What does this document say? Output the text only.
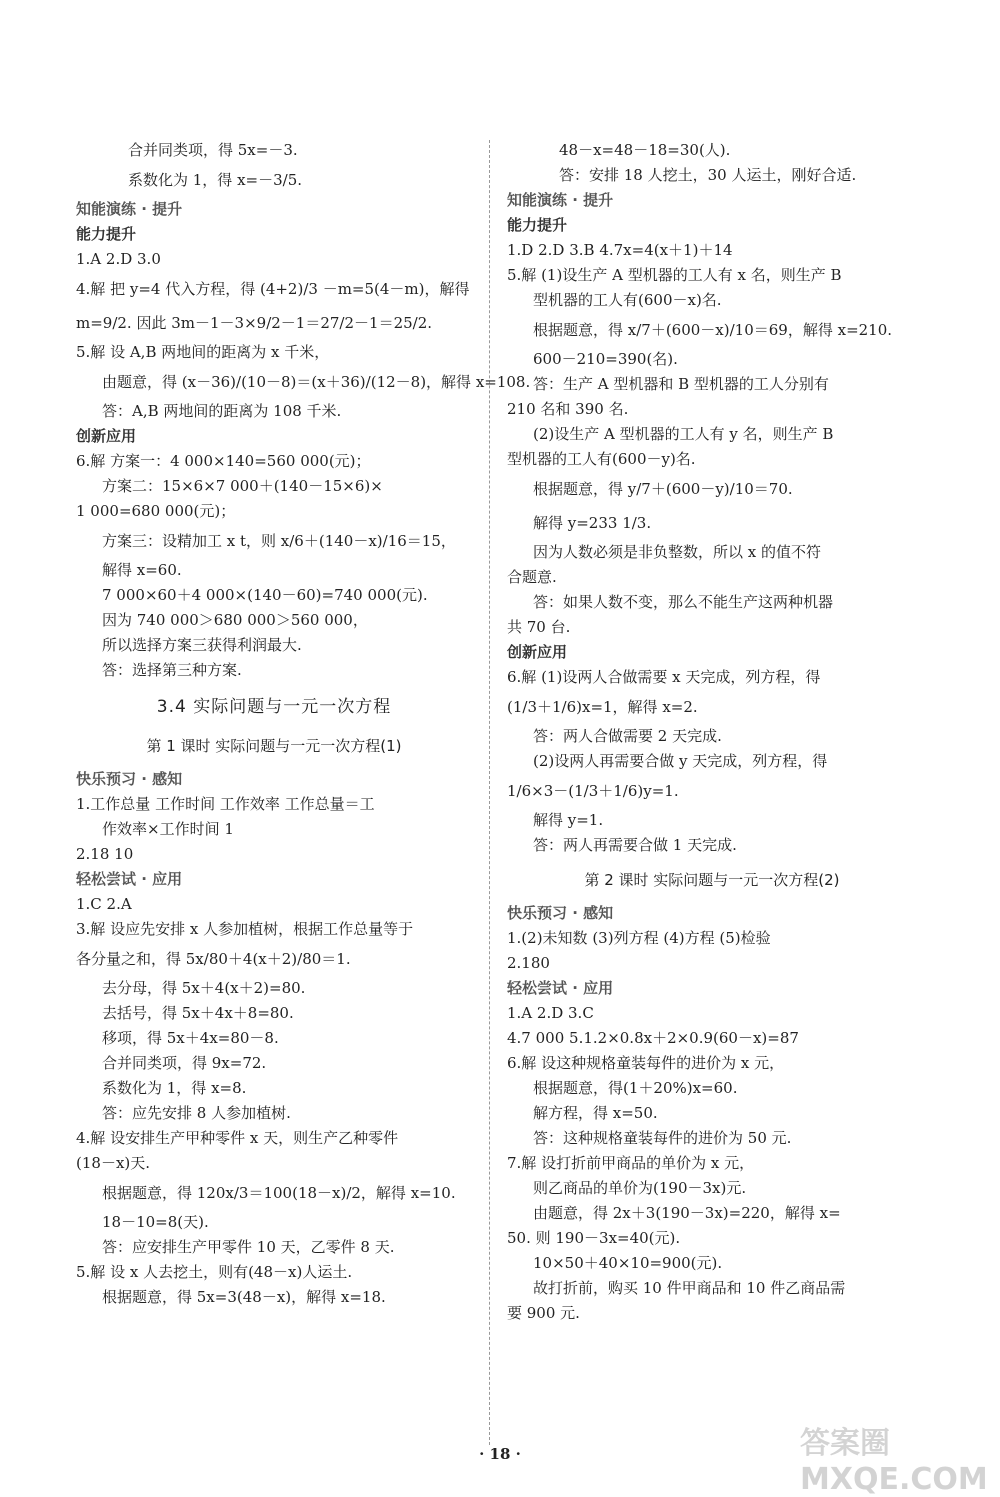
合并同类项，得 5x=－3.
系数化为 1，得 x=－3/5.
知能演练 · 提升
能力提升
1.A 2.D 3.0
4.解 把 y=4 代入方程，得 (4+2)/3 －m=5(4－m)，解得
m=9/2. 因此 3m－1－3×9/2－1＝27/2－1＝25/2.
5.解 设 A,B 两地间的距离为 x 千米，
由题意，得 (x－36)/(10－8)＝(x＋36)/(12－8)，解得 x=108.
答：A,B 两地间的距离为 108 千米.
创新应用
6.解 方案一：4 000×140=560 000(元)；
方案二：15×6×7 000＋(140－15×6)×
1 000=680 000(元)；
方案三：设精加工 x t，则 x/6＋(140－x)/16＝15，
解得 x=60.
7 000×60＋4 000×(140－60)=740 000(元).
因为 740 000＞680 000＞560 000，
所以选择方案三获得利润最大.
答：选择第三种方案.
3.4 实际问题与一元一次方程
第 1 课时 实际问题与一元一次方程(1)
快乐预习 · 感知
1.工作总量 工作时间 工作效率 工作总量＝工
作效率×工作时间 1
2.18 10
轻松尝试 · 应用
1.C 2.A
3.解 设应先安排 x 人参加植树，根据工作总量等于
各分量之和，得 5x/80＋4(x＋2)/80＝1.
去分母，得 5x＋4(x＋2)=80.
去括号，得 5x＋4x＋8=80.
移项，得 5x＋4x=80－8.
合并同类项，得 9x=72.
系数化为 1，得 x=8.
答：应先安排 8 人参加植树.
4.解 设安排生产甲种零件 x 天，则生产乙种零件
(18－x)天.
根据题意，得 120x/3＝100(18－x)/2，解得 x=10.
18－10=8(天).
答：应安排生产甲零件 10 天，乙零件 8 天.
5.解 设 x 人去挖土，则有(48－x)人运土.
根据题意，得 5x=3(48－x)，解得 x=18.
48－x=48－18=30(人).
答：安排 18 人挖土，30 人运土，刚好合适.
知能演练 · 提升
能力提升
1.D 2.D 3.B 4.7x=4(x＋1)＋14
5.解 (1)设生产 A 型机器的工人有 x 名，则生产 B
型机器的工人有(600－x)名.
根据题意，得 x/7＋(600－x)/10＝69，解得 x=210.
600－210=390(名).
答：生产 A 型机器和 B 型机器的工人分别有
210 名和 390 名.
(2)设生产 A 型机器的工人有 y 名，则生产 B
型机器的工人有(600－y)名.
根据题意，得 y/7＋(600－y)/10＝70.
解得 y=233 1/3.
因为人数必须是非负整数，所以 x 的值不符
合题意.
答：如果人数不变，那么不能生产这两种机器
共 70 台.
创新应用
6.解 (1)设两人合做需要 x 天完成，列方程，得
(1/3＋1/6)x=1，解得 x=2.
答：两人合做需要 2 天完成.
(2)设两人再需要合做 y 天完成，列方程，得
1/6×3－(1/3＋1/6)y=1.
解得 y=1.
答：两人再需要合做 1 天完成.
第 2 课时 实际问题与一元一次方程(2)
快乐预习 · 感知
1.(2)未知数 (3)列方程 (4)方程 (5)检验
2.180
轻松尝试 · 应用
1.A 2.D 3.C
4.7 000 5.1.2×0.8x＋2×0.9(60－x)=87
6.解 设这种规格童装每件的进价为 x 元，
根据题意，得(1＋20%)x=60.
解方程，得 x=50.
答：这种规格童装每件的进价为 50 元.
7.解 设打折前甲商品的单价为 x 元，
则乙商品的单价为(190－3x)元.
由题意，得 2x＋3(190－3x)=220，解得 x=
50. 则 190－3x=40(元).
10×50＋40×10=900(元).
故打折前，购买 10 件甲商品和 10 件乙商品需
要 900 元.
· 18 ·	答案圈 MXQE.COM
